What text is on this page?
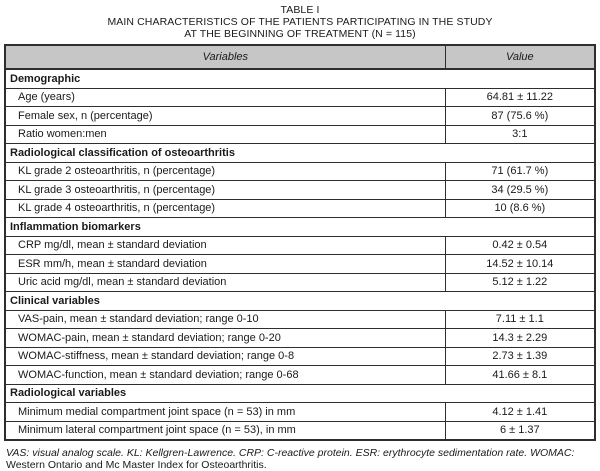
TABLE I
MAIN CHARACTERISTICS OF THE PATIENTS PARTICIPATING IN THE STUDY
AT THE BEGINNING OF TREATMENT (N = 115)
Variables	Value
Demographic	
Age (years)	64.81 ± 11.22
Female sex, n (percentage)	87 (75.6 %)
Ratio women:men	3:1
Radiological classification of osteoarthritis	
KL grade 2 osteoarthritis, n (percentage)	71 (61.7 %)
KL grade 3 osteoarthritis, n (percentage)	34 (29.5 %)
KL grade 4 osteoarthritis, n (percentage)	10 (8.6 %)
Inflammation biomarkers	
CRP mg/dl, mean ± standard deviation	0.42 ± 0.54
ESR mm/h, mean ± standard deviation	14.52 ± 10.14
Uric acid mg/dl, mean ± standard deviation	5.12 ± 1.22
Clinical variables	
VAS-pain, mean ± standard deviation; range 0-10	7.11 ± 1.1
WOMAC-pain, mean ± standard deviation; range 0-20	14.3 ± 2.29
WOMAC-stiffness, mean ± standard deviation; range 0-8	2.73 ± 1.39
WOMAC-function, mean ± standard deviation; range 0-68	41.66 ± 8.1
Radiological variables	
Minimum medial compartment joint space (n = 53) in mm	4.12 ± 1.41
Minimum lateral compartment joint space (n = 53), in mm	6 ± 1.37
VAS: visual analog scale. KL: Kellgren-Lawrence. CRP: C-reactive protein. ESR: erythrocyte sedimentation rate. WOMAC:
Western Ontario and Mc Master Index for Osteoarthritis.
